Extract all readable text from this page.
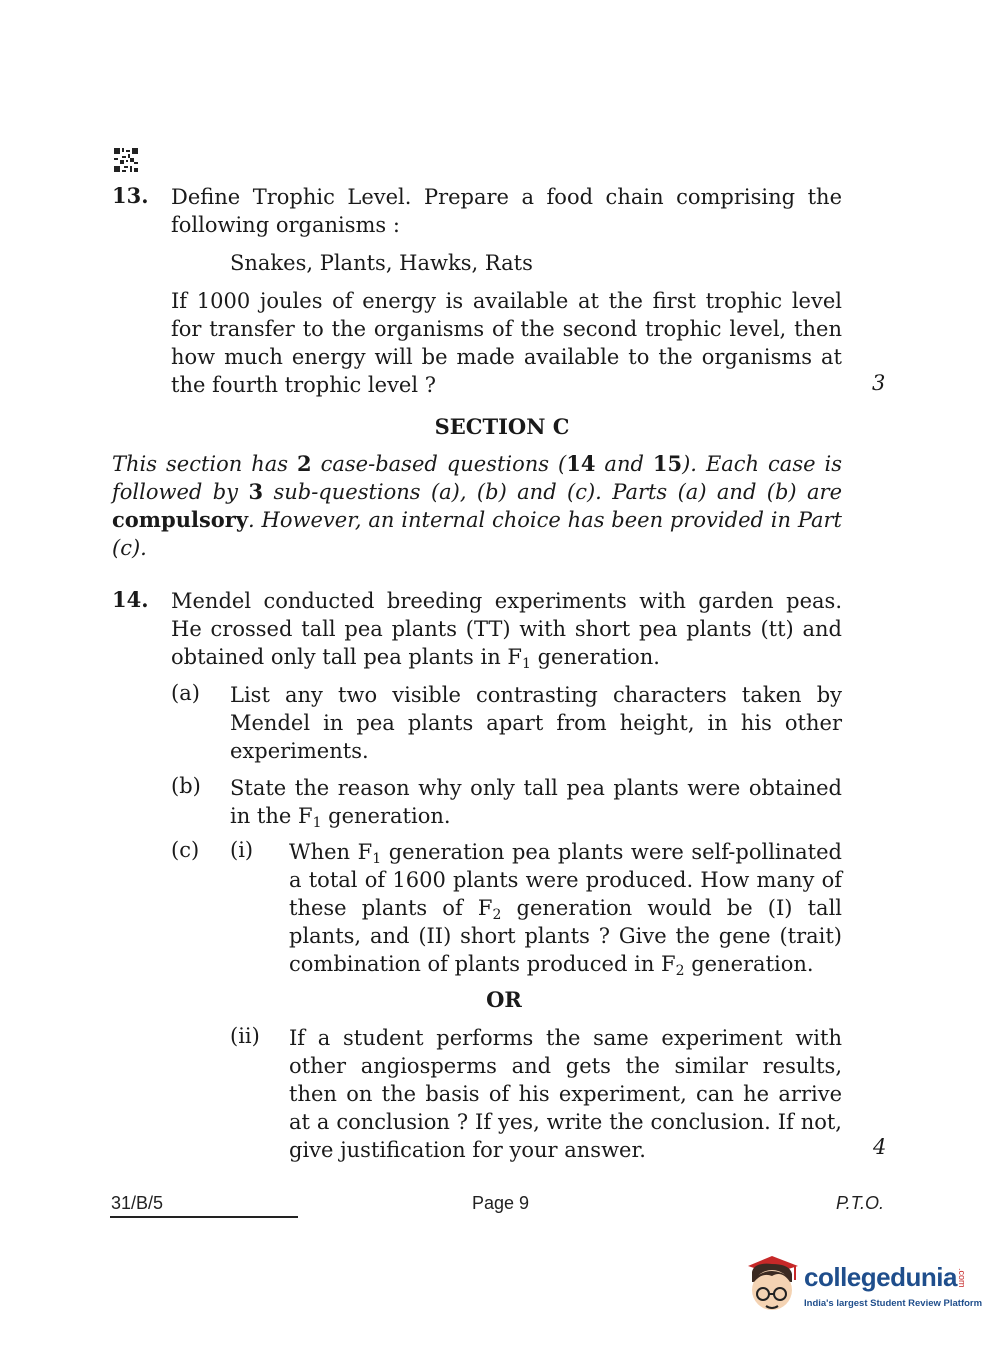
13. Define Trophic Level. Prepare a food chain comprising the following organisms :
Snakes, Plants, Hawks, Rats
If 1000 joules of energy is available at the first trophic level for transfer to the organisms of the second trophic level, then how much energy will be made available to the organisms at the fourth trophic level ?	3
SECTION C
This section has 2 case-based questions (14 and 15). Each case is followed by 3 sub-questions (a), (b) and (c). Parts (a) and (b) are compulsory. However, an internal choice has been provided in Part (c).
14. Mendel conducted breeding experiments with garden peas. He crossed tall pea plants (TT) with short pea plants (tt) and obtained only tall pea plants in $F_1$ generation.
(a) List any two visible contrasting characters taken by Mendel in pea plants apart from height, in his other experiments.
(b) State the reason why only tall pea plants were obtained in the $F_1$ generation.
(c) (i) When $F_1$ generation pea plants were self-pollinated a total of 1600 plants were produced. How many of these plants of $F_2$ generation would be (I) tall plants, and (II) short plants ? Give the gene (trait) combination of plants produced in $F_2$ generation.
OR
(ii) If a student performs the same experiment with other angiosperms and gets the similar results, then on the basis of his experiment, can he arrive at a conclusion ? If yes, write the conclusion. If not, give justification for your answer.	4
31/B/5	Page 9	P.T.O.
collegedunia .com
India's largest Student Review Platform
